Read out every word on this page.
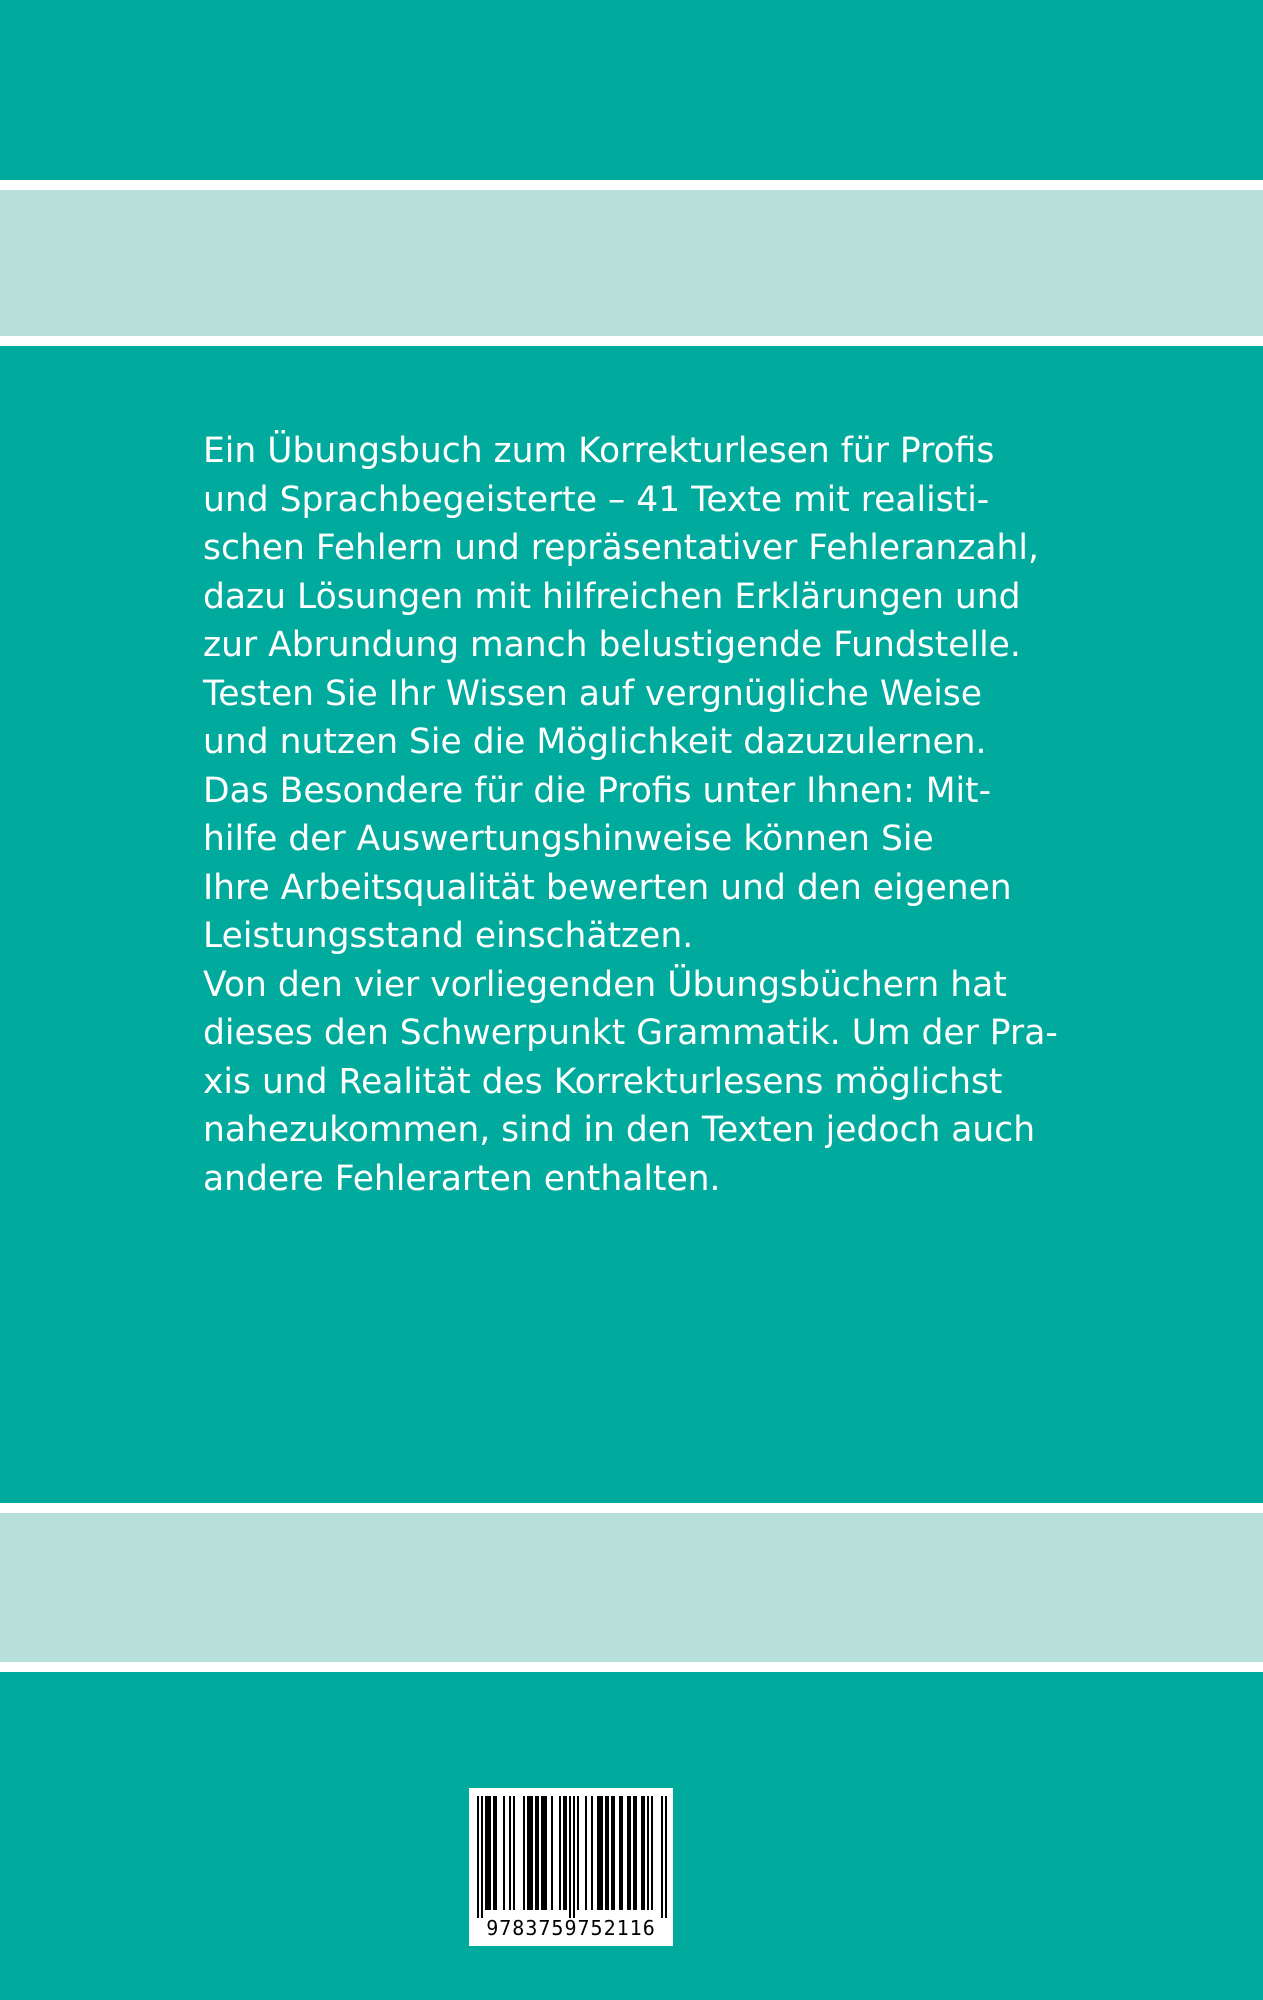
Ein Übungsbuch zum Korrekturlesen für Profis
und Sprachbegeisterte – 41 Texte mit realisti-
schen Fehlern und repräsentativer Fehleranzahl,
dazu Lösungen mit hilfreichen Erklärungen und
zur Abrundung manch belustigende Fundstelle.
Testen Sie Ihr Wissen auf vergnügliche Weise
und nutzen Sie die Möglichkeit dazuzulernen.
Das Besondere für die Profis unter Ihnen: Mit-
hilfe der Auswertungshinweise können Sie
Ihre Arbeitsqualität bewerten und den eigenen
Leistungsstand einschätzen.
Von den vier vorliegenden Übungsbüchern hat
dieses den Schwerpunkt Grammatik. Um der Pra-
xis und Realität des Korrekturlesens möglichst
nahezukommen, sind in den Texten jedoch auch
andere Fehlerarten enthalten.
9783759752116
